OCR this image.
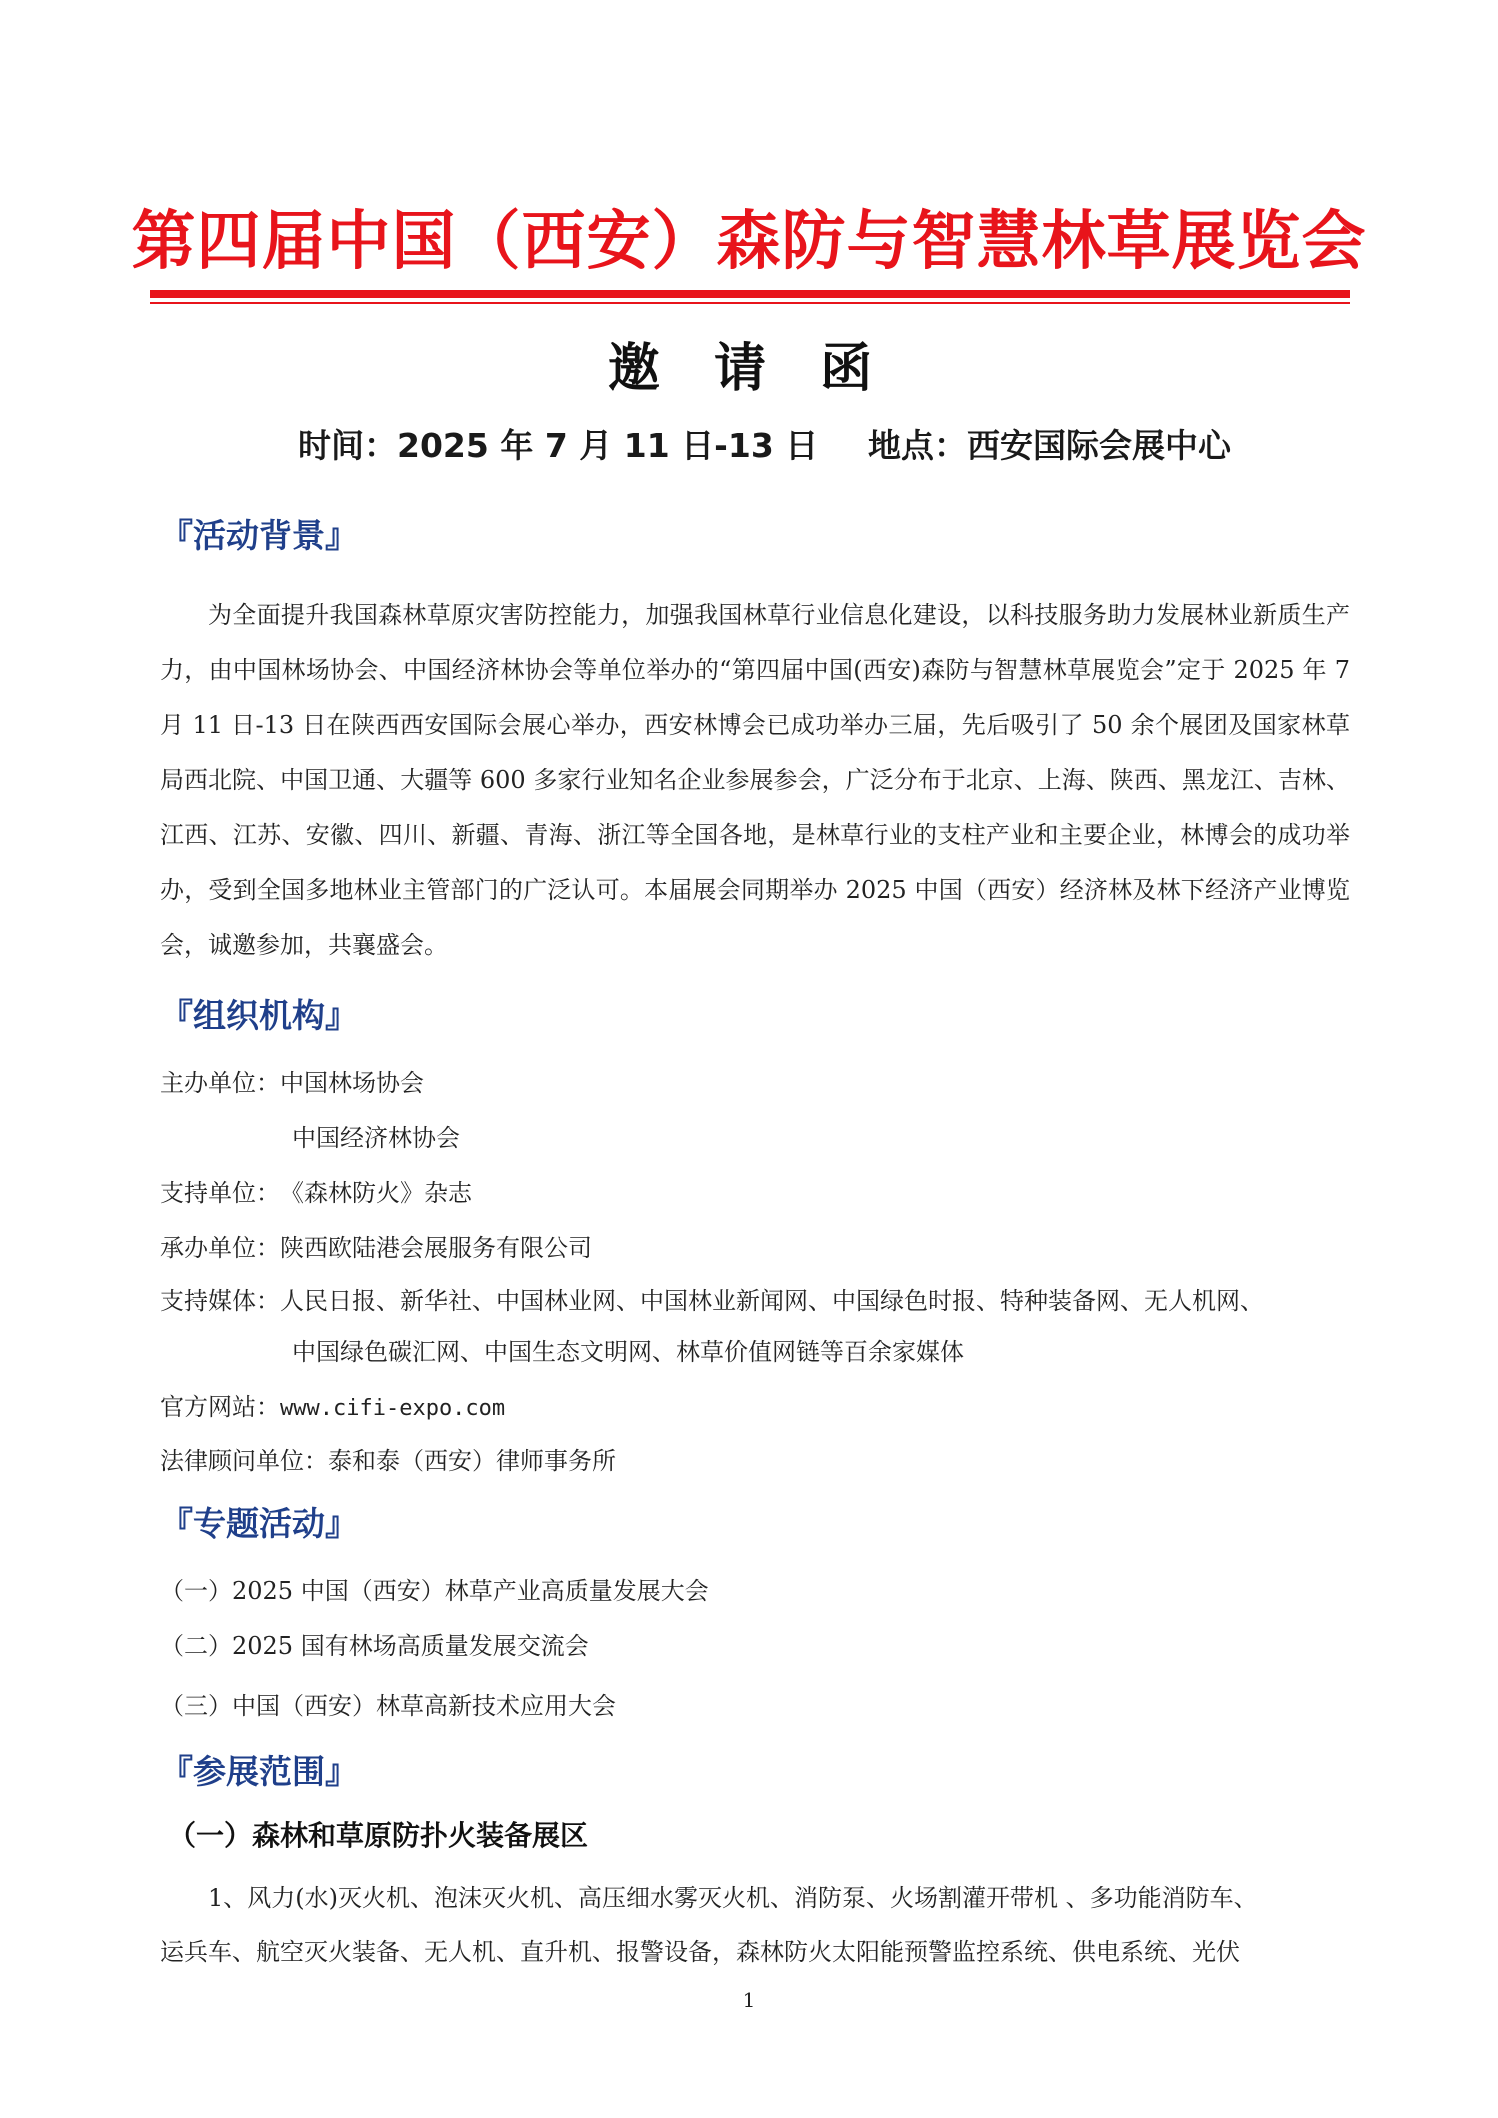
第四届中国（西安）森防与智慧林草展览会
邀 请 函
时间：2025 年 7 月 11 日-13 日 地点：西安国际会展中心
『活动背景』
为全面提升我国森林草原灾害防控能力，加强我国林草行业信息化建设，以科技服务助力发展林业新质生产力，由中国林场协会、中国经济林协会等单位举办的“第四届中国(西安)森防与智慧林草展览会”定于 2025 年 7 月 11 日-13 日在陕西西安国际会展心举办，西安林博会已成功举办三届，先后吸引了 50 余个展团及国家林草局西北院、中国卫通、大疆等 600 多家行业知名企业参展参会，广泛分布于北京、上海、陕西、黑龙江、吉林、江西、江苏、安徽、四川、新疆、青海、浙江等全国各地，是林草行业的支柱产业和主要企业，林博会的成功举办，受到全国多地林业主管部门的广泛认可。本届展会同期举办 2025 中国（西安）经济林及林下经济产业博览会，诚邀参加，共襄盛会。
『组织机构』
主办单位：中国林场协会
中国经济林协会
支持单位：《森林防火》杂志
承办单位：陕西欧陆港会展服务有限公司
支持媒体：人民日报、新华社、中国林业网、中国林业新闻网、中国绿色时报、特种装备网、无人机网、
中国绿色碳汇网、中国生态文明网、林草价值网链等百余家媒体
官方网站：www.cifi-expo.com
法律顾问单位：泰和泰（西安）律师事务所
『专题活动』
（一）2025 中国（西安）林草产业高质量发展大会
（二）2025 国有林场高质量发展交流会
（三）中国（西安）林草高新技术应用大会
『参展范围』
（一）森林和草原防扑火装备展区
1、风力(水)灭火机、泡沫灭火机、高压细水雾灭火机、消防泵、火场割灌开带机 、多功能消防车、
运兵车、航空灭火装备、无人机、直升机、报警设备，森林防火太阳能预警监控系统、供电系统、光伏
1
